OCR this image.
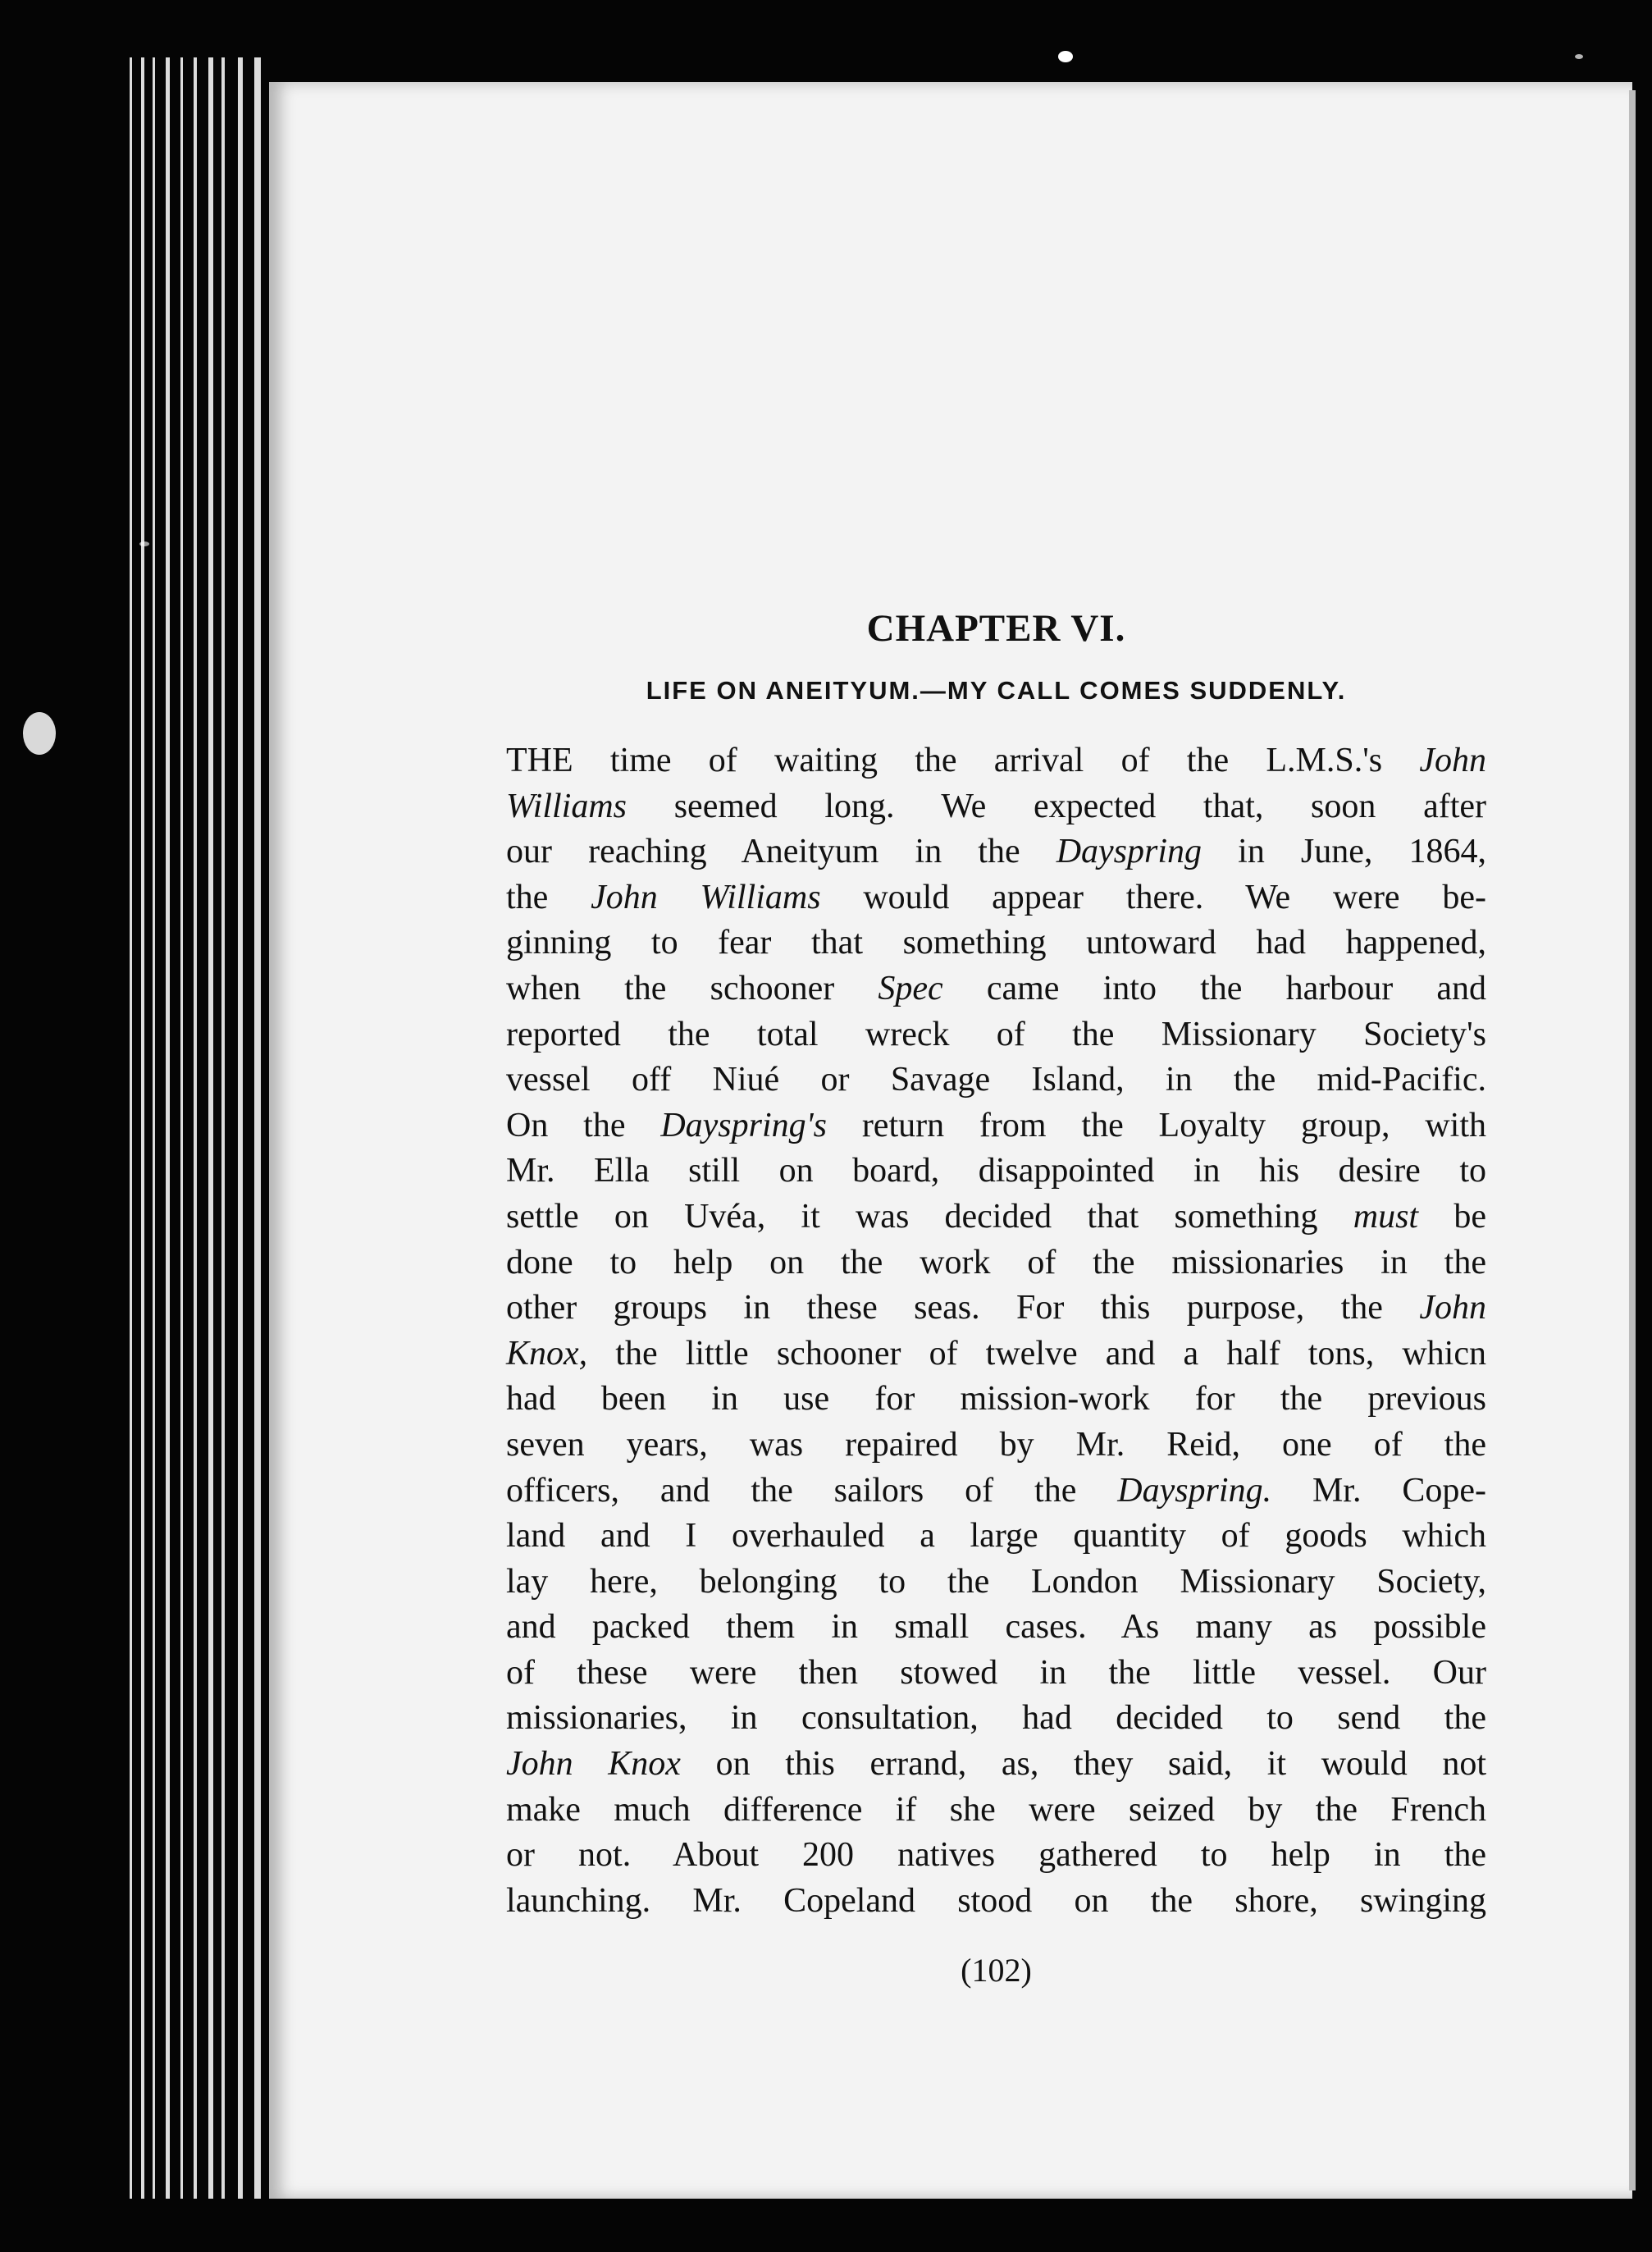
CHAPTER VI.
LIFE ON ANEITYUM.—MY CALL COMES SUDDENLY.
THE time of waiting the arrival of the L.M.S.'s John
Williams seemed long. We expected that, soon after
our reaching Aneityum in the Dayspring in June, 1864,
the John Williams would appear there. We were be-
ginning to fear that something untoward had happened,
when the schooner Spec came into the harbour and
reported the total wreck of the Missionary Society's
vessel off Niué or Savage Island, in the mid-Pacific.
On the Dayspring's return from the Loyalty group, with
Mr. Ella still on board, disappointed in his desire to
settle on Uvéa, it was decided that something must be
done to help on the work of the missionaries in the
other groups in these seas. For this purpose, the John
Knox, the little schooner of twelve and a half tons, whicn
had been in use for mission-work for the previous
seven years, was repaired by Mr. Reid, one of the
officers, and the sailors of the Dayspring. Mr. Cope-
land and I overhauled a large quantity of goods which
lay here, belonging to the London Missionary Society,
and packed them in small cases. As many as possible
of these were then stowed in the little vessel. Our
missionaries, in consultation, had decided to send the
John Knox on this errand, as, they said, it would not
make much difference if she were seized by the French
or not. About 200 natives gathered to help in the
launching. Mr. Copeland stood on the shore, swinging
(102)
